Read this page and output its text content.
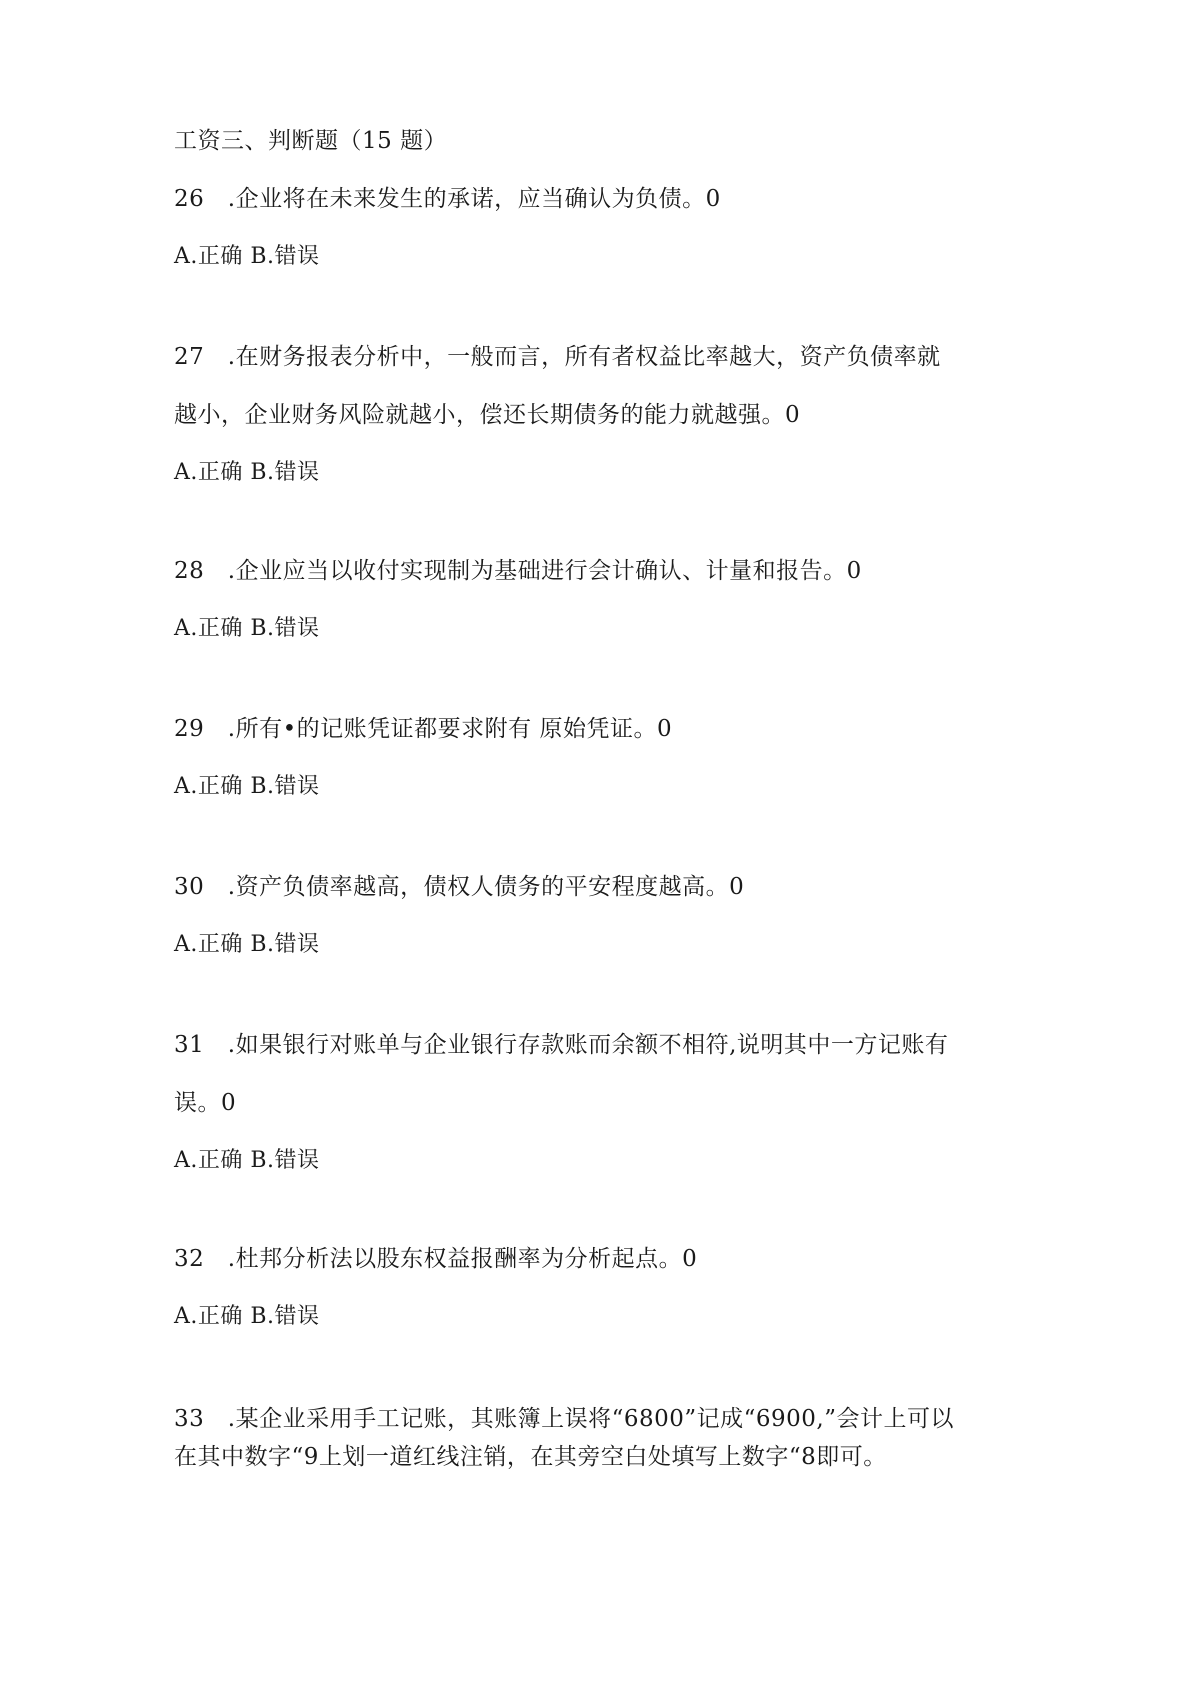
工资三、判断题（15 题）
26　.企业将在未来发生的承诺，应当确认为负债。0
A.正确 B.错误
27　.在财务报表分析中，一般而言，所有者权益比率越大，资产负债率就
越小，企业财务风险就越小，偿还长期债务的能力就越强。0
A.正确 B.错误
28　.企业应当以收付实现制为基础进行会计确认、计量和报告。0
A.正确 B.错误
29　.所有•的记账凭证都要求附有 原始凭证。0
A.正确 B.错误
30　.资产负债率越高，债权人债务的平安程度越高。0
A.正确 B.错误
31　.如果银行对账单与企业银行存款账而余额不相符,说明其中一方记账有
误。0
A.正确 B.错误
32　.杜邦分析法以股东权益报酬率为分析起点。0
A.正确 B.错误
33　.某企业采用手工记账，其账簿上误将“6800”记成“6900,”会计上可以
在其中数字“9上划一道红线注销，在其旁空白处填写上数字“8即可。
